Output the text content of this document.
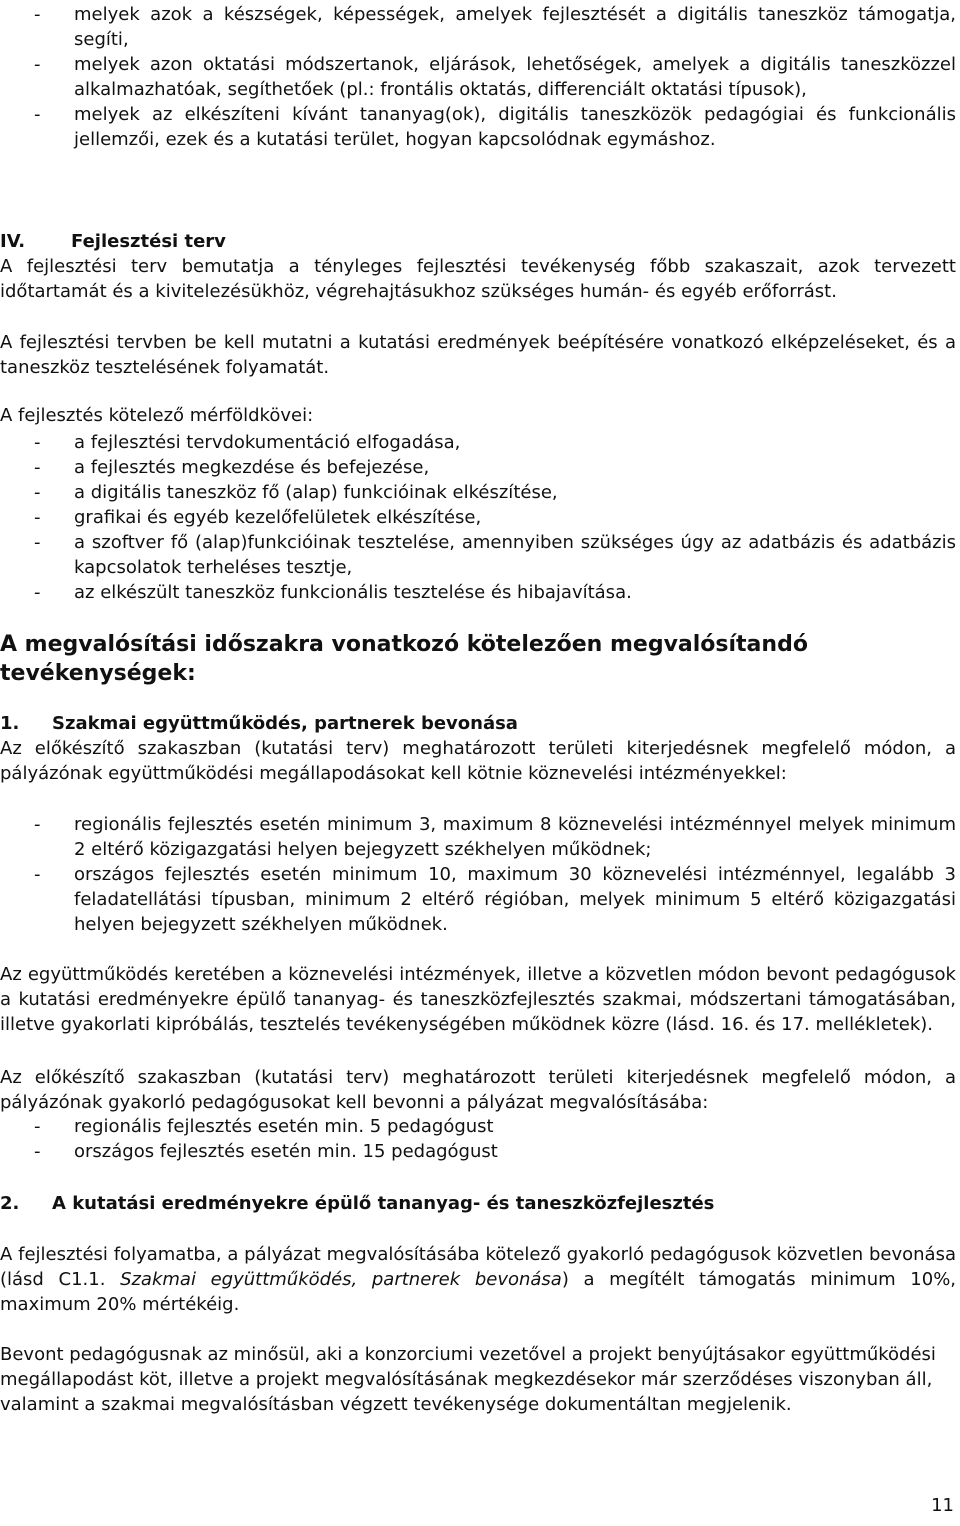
- melyek azok a készségek, képességek, amelyek fejlesztését a digitális taneszköz támogatja, segíti,
- melyek azon oktatási módszertanok, eljárások, lehetőségek, amelyek a digitális taneszközzel alkalmazhatóak, segíthetőek (pl.: frontális oktatás, differenciált oktatási típusok),
- melyek az elkészíteni kívánt tananyag(ok), digitális taneszközök pedagógiai és funkcionális jellemzői, ezek és a kutatási terület, hogyan kapcsolódnak egymáshoz.
IV.	Fejlesztési terv
A fejlesztési terv bemutatja a tényleges fejlesztési tevékenység főbb szakaszait, azok tervezett időtartamát és a kivitelezésükhöz, végrehajtásukhoz szükséges humán- és egyéb erőforrást.
A fejlesztési tervben be kell mutatni a kutatási eredmények beépítésére vonatkozó elképzeléseket, és a taneszköz tesztelésének folyamatát.
A fejlesztés kötelező mérföldkövei:
- a fejlesztési tervdokumentáció elfogadása,
- a fejlesztés megkezdése és befejezése,
- a digitális taneszköz fő (alap) funkcióinak elkészítése,
- grafikai és egyéb kezelőfelületek elkészítése,
- a szoftver fő (alap)funkcióinak tesztelése, amennyiben szükséges úgy az adatbázis és adatbázis kapcsolatok terheléses tesztje,
- az elkészült taneszköz funkcionális tesztelése és hibajavítása.
A megvalósítási időszakra vonatkozó kötelezően megvalósítandó
tevékenységek:
1. Szakmai együttműködés, partnerek bevonása
Az előkészítő szakaszban (kutatási terv) meghatározott területi kiterjedésnek megfelelő módon, a pályázónak együttműködési megállapodásokat kell kötnie köznevelési intézményekkel:
- regionális fejlesztés esetén minimum 3, maximum 8 köznevelési intézménnyel melyek minimum 2 eltérő közigazgatási helyen bejegyzett székhelyen működnek;
- országos fejlesztés esetén minimum 10, maximum 30 köznevelési intézménnyel, legalább 3 feladatellátási típusban, minimum 2 eltérő régióban, melyek minimum 5 eltérő közigazgatási helyen bejegyzett székhelyen működnek.
Az együttműködés keretében a köznevelési intézmények, illetve a közvetlen módon bevont pedagógusok a kutatási eredményekre épülő tananyag- és taneszközfejlesztés szakmai, módszertani támogatásában, illetve gyakorlati kipróbálás, tesztelés tevékenységében működnek közre (lásd. 16. és 17. mellékletek).
Az előkészítő szakaszban (kutatási terv) meghatározott területi kiterjedésnek megfelelő módon, a pályázónak gyakorló pedagógusokat kell bevonni a pályázat megvalósításába:
- regionális fejlesztés esetén min. 5 pedagógust
- országos fejlesztés esetén min. 15 pedagógust
2. A kutatási eredményekre épülő tananyag- és taneszközfejlesztés
A fejlesztési folyamatba, a pályázat megvalósításába kötelező gyakorló pedagógusok közvetlen bevonása (lásd C1.1. Szakmai együttműködés, partnerek bevonása) a megítélt támogatás minimum 10%, maximum 20% mértékéig.
Bevont pedagógusnak az minősül, aki a konzorciumi vezetővel a projekt benyújtásakor együttműködési megállapodást köt, illetve a projekt megvalósításának megkezdésekor már szerződéses viszonyban áll, valamint a szakmai megvalósításban végzett tevékenysége dokumentáltan megjelenik.
11
